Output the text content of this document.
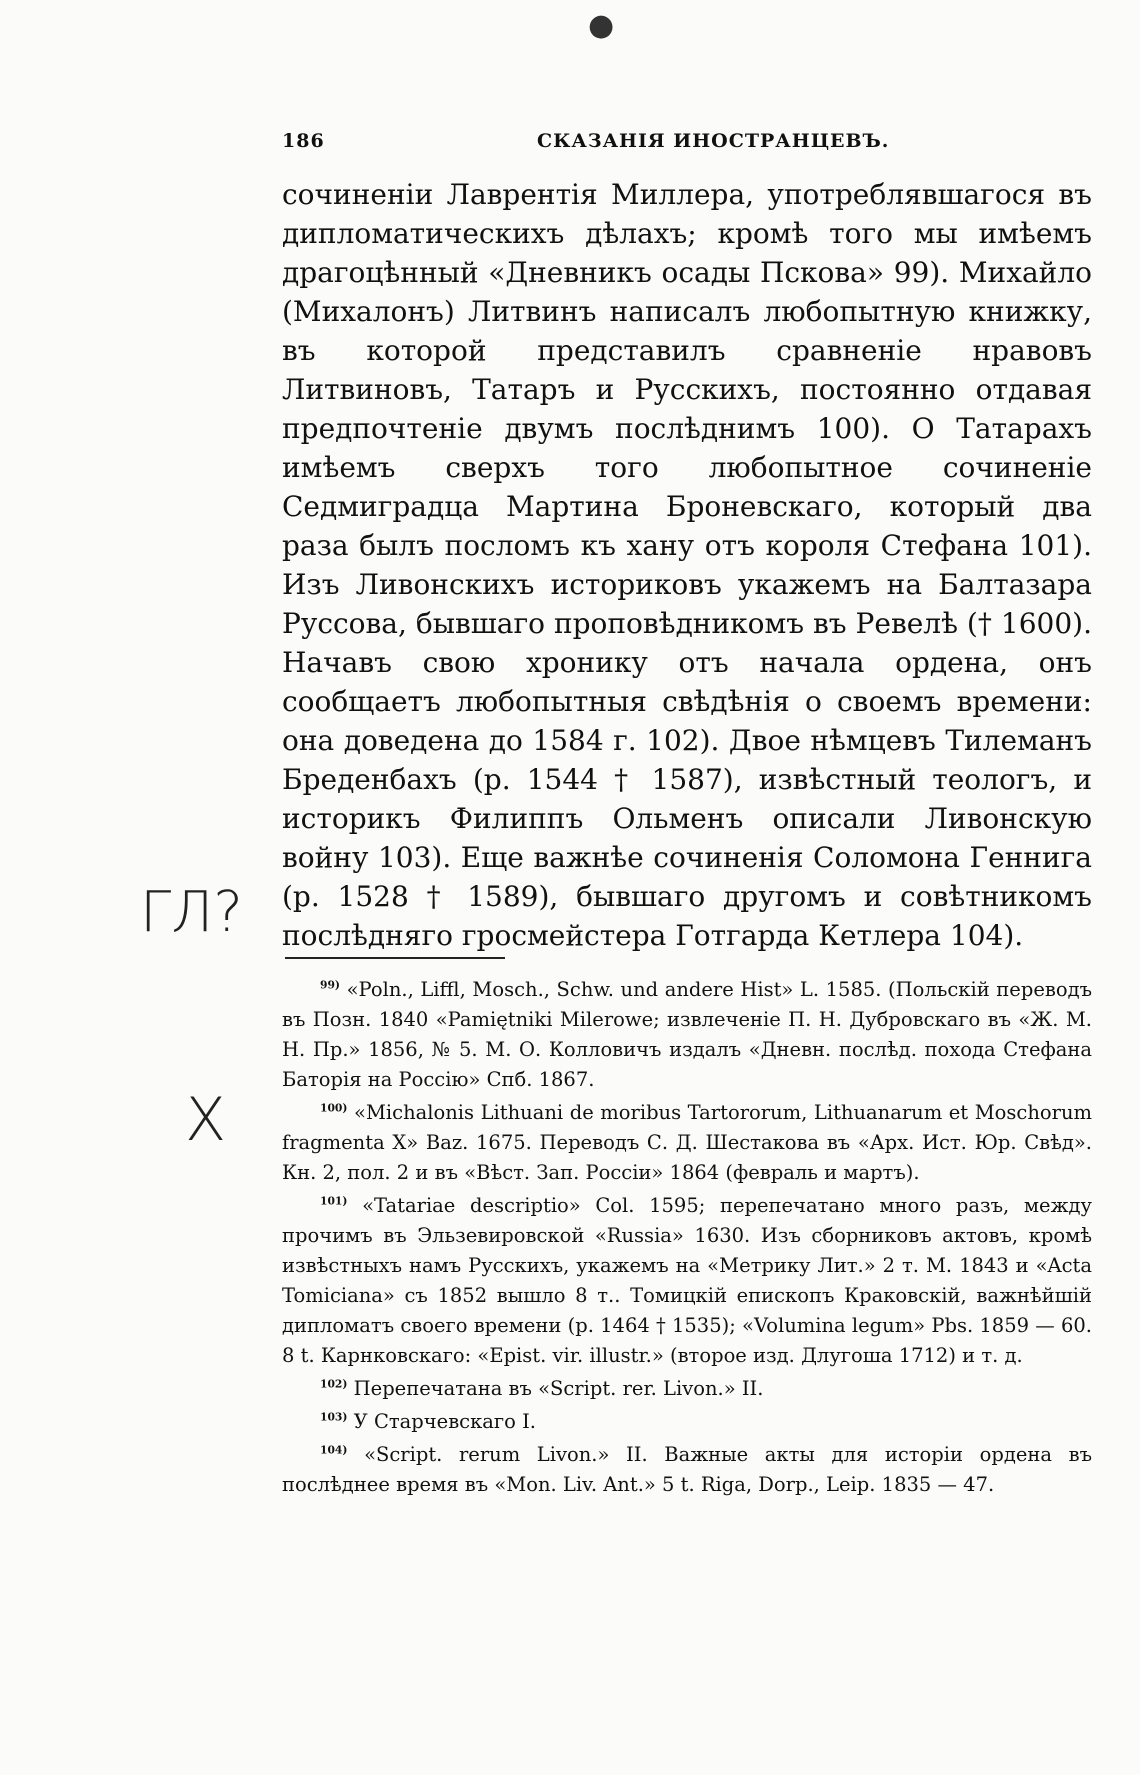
●
186	СКАЗАНІЯ ИНОСТРАНЦЕВЪ.

сочиненіи Лаврентія Миллера, употреблявшагося въ дипломатическихъ дѣлахъ; кромѣ того мы имѣемъ драгоцѣнный «Дневникъ осады Пскова» 99). Михайло (Михалонъ) Литвинъ написалъ любопытную книжку, въ которой представилъ сравненіе нравовъ Литвиновъ, Татаръ и Русскихъ, постоянно отдавая предпочтеніе двумъ послѣднимъ 100). О Татарахъ имѣемъ сверхъ того любопытное сочиненіе Седмиградца Мартина Броневскаго, который два раза былъ посломъ къ хану отъ короля Стефана 101). Изъ Ливонскихъ историковъ укажемъ на Балтазара Руссова, бывшаго проповѣдникомъ въ Ревелѣ († 1600). Начавъ свою хронику отъ начала ордена, онъ сообщаетъ любопытныя свѣдѣнія о своемъ времени: она доведена до 1584 г. 102). Двое нѣмцевъ Тилеманъ Бреденбахъ (р. 1544 † 1587), извѣстный теологъ, и историкъ Филиппъ Ольменъ описали Ливонскую войну 103). Еще важнѣе сочиненія Соломона Геннига (р. 1528 † 1589), бывшаго другомъ и совѣтникомъ послѣдняго гросмейстера Готгарда Кетлера 104).

$^{99)}$ «Poln., Liffl, Mosch., Schw. und andere Hist» L. 1585. (Польскій переводъ въ Позн. 1840 «Pamiętniki Milerowe; извлеченіе П. Н. Дубровскаго въ «Ж. М. Н. Пр.» 1856, № 5. М. О. Колловичъ издалъ «Дневн. послѣд. похода Стефана Баторія на Россію» Спб. 1867.

$^{100)}$ «Michalonis Lithuani de moribus Tartororum, Lithuanarum et Moschorum fragmenta X» Baz. 1675. Переводъ С. Д. Шестакова въ «Арх. Ист. Юр. Свѣд». Кн. 2, пол. 2 и въ «Вѣст. Зап. Россіи» 1864 (февраль и мартъ).

$^{101)}$ «Tatariae descriptio» Col. 1595; перепечатано много разъ, между прочимъ въ Эльзевировской «Russia» 1630. Изъ сборниковъ актовъ, кромѣ извѣстныхъ намъ Русскихъ, укажемъ на «Метрику Лит.» 2 т. М. 1843 и «Acta Tomiciana» съ 1852 вышло 8 т.. Томицкій епископъ Краковскій, важнѣйшій дипломатъ своего времени (р. 1464 † 1535); «Volumina legum» Pbs. 1859 — 60. 8 t. Карнковскаго: «Epist. vir. illustr.» (второе изд. Длугоша 1712) и т. д.

$^{102)}$ Перепечатана въ «Script. rer. Livon.» II.

$^{103)}$ У Старчевскаго I.

$^{104)}$ «Script. rerum Livon.» II. Важные акты для исторіи ордена въ послѣднее время въ «Mon. Liv. Ant.» 5 t. Riga, Dorp., Leip. 1835 — 47.

ГЛ?
X
